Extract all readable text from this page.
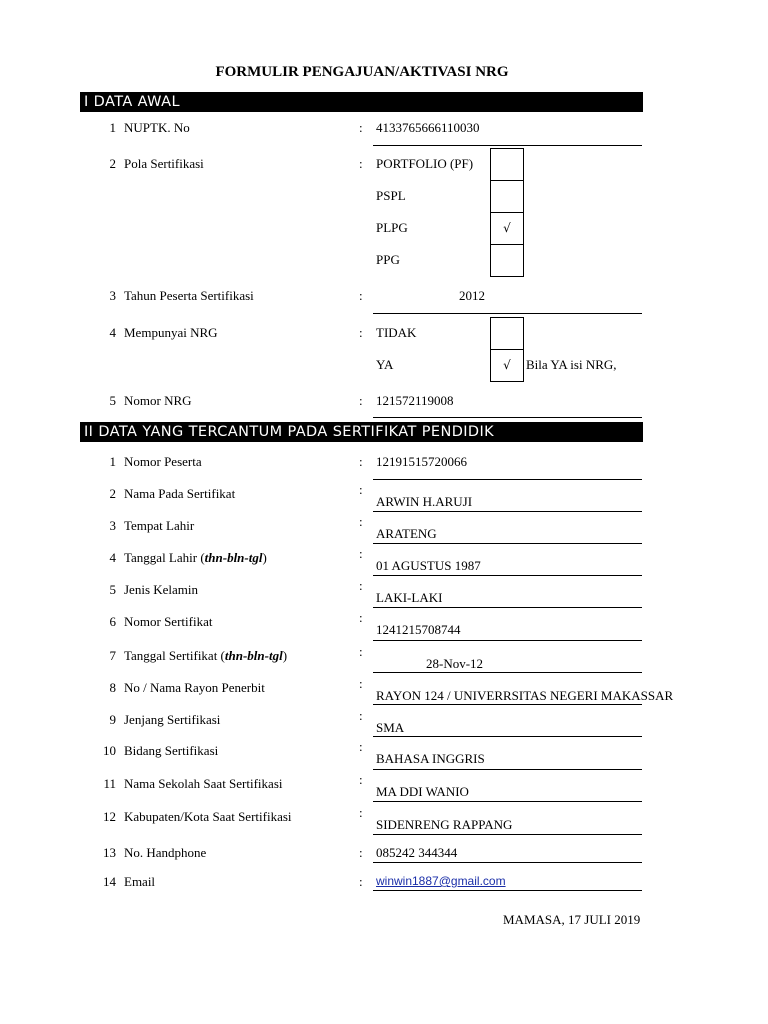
FORMULIR PENGAJUAN/AKTIVASI NRG
I DATA AWAL
1 NUPTK. No	: 4133765666110030
2 Pola Sertifikasi	: PORTFOLIO (PF)
PSPL
PLPG	√
PPG
3 Tahun Peserta Sertifikasi	:	2012
4 Mempunyai NRG	: TIDAK
YA	√	Bila YA isi NRG,
5 Nomor NRG	: 121572119008
II DATA YANG TERCANTUM PADA SERTIFIKAT PENDIDIK
1 Nomor Peserta	: 12191515720066
2 Nama Pada Sertifikat	:
ARWIN H.ARUJI
3 Tempat Lahir	:
ARATENG
4 Tanggal Lahir (thn-bln-tgl)	:
01 AGUSTUS 1987
5 Jenis Kelamin	:
LAKI-LAKI
6 Nomor Sertifikat	:
1241215708744
7 Tanggal Sertifikat (thn-bln-tgl)	:
28-Nov-12
8 No / Nama Rayon Penerbit	:
RAYON 124 / UNIVERRSITAS NEGERI MAKASSAR
9 Jenjang Sertifikasi	:
SMA
10 Bidang Sertifikasi	:
BAHASA INGGRIS
11 Nama Sekolah Saat Sertifikasi	:
MA DDI WANIO
12 Kabupaten/Kota Saat Sertifikasi	:
SIDENRENG RAPPANG
13 No. Handphone	: 085242 344344
14 Email	: winwin1887@gmail.com
MAMASA, 17 JULI 2019
